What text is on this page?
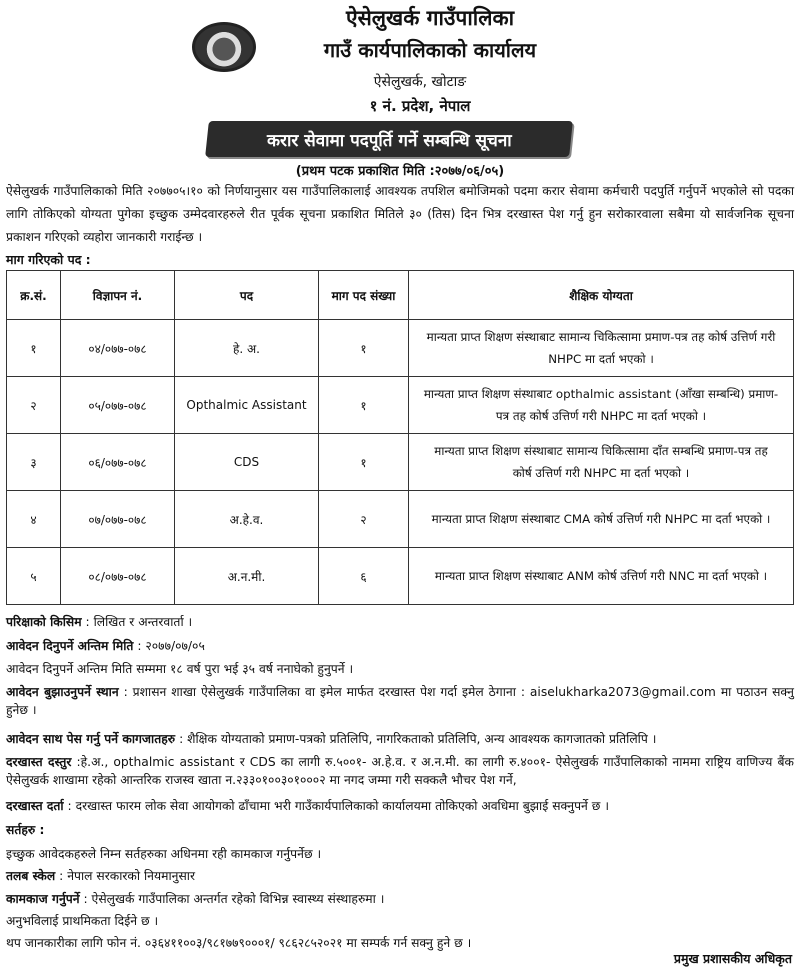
ऐसेलुखर्क गाउँपालिका
गाउँ कार्यपालिकाको कार्यालय
ऐसेलुखर्क, खोटाङ
१ नं. प्रदेश, नेपाल
करार सेवामा पदपूर्ति गर्ने सम्बन्धि सूचना
(प्रथम पटक प्रकाशित मिति :२०७७/०६/०५)
ऐसेलुखर्क गाउँपालिकाको मिति २०७७०५।१० को निर्णयानुसार यस गाउँपालिकालाई आवश्यक तपशिल बमोजिमको पदमा करार सेवामा कर्मचारी पदपुर्ति गर्नुपर्ने भएकोले सो पदका लागि तोकिएको योग्यता पुगेका इच्छुक उम्मेदवारहरुले रीत पूर्वक सूचना प्रकाशित मितिले ३० (तिस) दिन भित्र दरखास्त पेश गर्नु हुन सरोकारवाला सबैमा यो सार्वजनिक सूचना प्रकाशन गरिएको व्यहोरा जानकारी गराईन्छ ।
माग गरिएको पद :
क्र.सं.	विज्ञापन नं.	पद	माग पद संख्या	शैक्षिक योग्यता
१	०४/०७७-०७८	हे. अ.	१	मान्यता प्राप्त शिक्षण संस्थाबाट सामान्य चिकित्सामा प्रमाण-पत्र तह कोर्ष उत्तिर्ण गरी NHPC मा दर्ता भएको ।
२	०५/०७७-०७८	Opthalmic Assistant	१	मान्यता प्राप्त शिक्षण संस्थाबाट opthalmic assistant (आँखा सम्बन्धि) प्रमाण-पत्र तह कोर्ष उत्तिर्ण गरी NHPC मा दर्ता भएको ।
३	०६/०७७-०७८	CDS	१	मान्यता प्राप्त शिक्षण संस्थाबाट सामान्य चिकित्सामा दाँत सम्बन्धि प्रमाण-पत्र तह कोर्ष उत्तिर्ण गरी NHPC मा दर्ता भएको ।
४	०७/०७७-०७८	अ.हे.व.	२	मान्यता प्राप्त शिक्षण संस्थाबाट CMA कोर्ष उत्तिर्ण गरी NHPC मा दर्ता भएको ।
५	०८/०७७-०७८	अ.न.मी.	६	मान्यता प्राप्त शिक्षण संस्थाबाट ANM कोर्ष उत्तिर्ण गरी NNC मा दर्ता भएको ।
परिक्षाको किसिम : लिखित र अन्तरवार्ता ।
आवेदन दिनुपर्ने अन्तिम मिति : २०७७/०७/०५
आवेदन दिनुपर्ने अन्तिम मिति सम्ममा १८ वर्ष पुरा भई ३५ वर्ष ननाघेको हुनुपर्ने ।
आवेदन बुझाउनुपर्ने स्थान : प्रशासन शाखा ऐसेलुखर्क गाउँपालिका वा इमेल मार्फत दरखास्त पेश गर्दा इमेल ठेगाना : aiselukharka2073@gmail.com मा पठाउन सक्नु हुनेछ ।
आवेदन साथ पेस गर्नु पर्ने कागजातहरु : शैक्षिक योग्यताको प्रमाण-पत्रको प्रतिलिपि, नागरिकताको प्रतिलिपि, अन्य आवश्यक कागजातको प्रतिलिपि ।
दरखास्त दस्तुर :हे.अ., opthalmic assistant र CDS का लागी रु.५००१- अ.हे.व. र अ.न.मी. का लागी रु.४००१- ऐसेलुखर्क गाउँपालिकाको नाममा राष्ट्रिय वाणिज्य बैंक ऐसेलुखर्क शाखामा रहेको आन्तरिक राजस्व खाता न.२३३०१००३०१०००२ मा नगद जम्मा गरी सक्कलै भौचर पेश गर्ने,
दरखास्त दर्ता : दरखास्त फारम लोक सेवा आयोगको ढाँचामा भरी गाउँकार्यपालिकाको कार्यालयमा तोकिएको अवधिमा बुझाई सक्नुपर्ने छ ।
सर्तहरु :
इच्छुक आवेदकहरुले निम्न सर्तहरुका अधिनमा रही कामकाज गर्नुपर्नेछ ।
तलब स्केल : नेपाल सरकारको नियमानुसार
कामकाज गर्नुपर्ने : ऐसेलुखर्क गाउँपालिका अन्तर्गत रहेको विभिन्न स्वास्थ्य संस्थाहरुमा ।
अनुभविलाई प्राथमिकता दिईने छ ।
थप जानकारीका लागि फोन नं. ०३६४११००३/९८१७७९०००१/ ९८६२८५२०२१ मा सम्पर्क गर्न सक्नु हुने छ ।
प्रमुख प्रशासकीय अधिकृत
